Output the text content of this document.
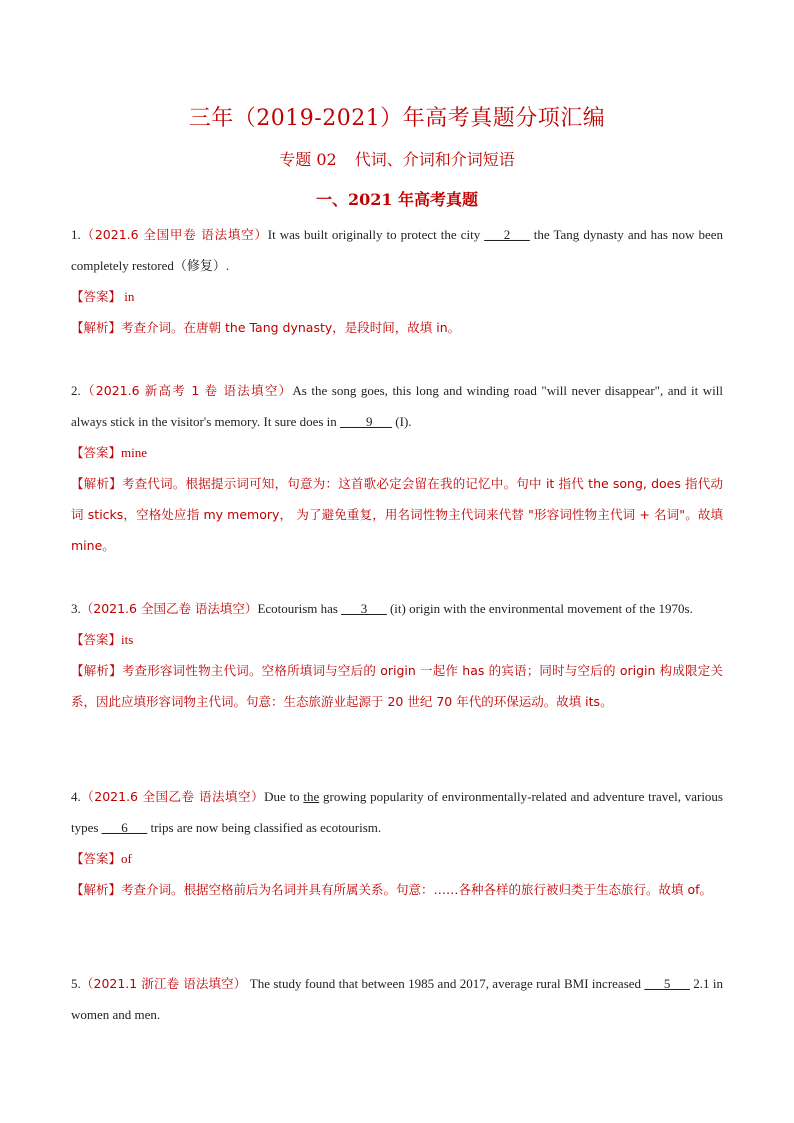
三年（2019-2021）年高考真题分项汇编
专题 02 代词、介词和介词短语
一、2021 年高考真题
1.（2021.6 全国甲卷 语法填空）It was built originally to protect the city ___2___ the Tang dynasty and has now been completely restored（修复）.
【答案】 in
【解析】考查介词。在唐朝 the Tang dynasty，是段时间，故填 in。
2.（2021.6 新高考 1 卷 语法填空）As the song goes, this long and winding road "will never disappear", and it will always stick in the visitor's memory. It sure does in ____9___ (I).
【答案】mine
【解析】考查代词。根据提示词可知，句意为：这首歌必定会留在我的记忆中。句中 it 指代 the song, does 指代动词 sticks，空格处应指 my memory， 为了避免重复，用名词性物主代词来代替 "形容词性物主代词 + 名词"。故填 mine。
3.（2021.6 全国乙卷 语法填空）Ecotourism has ___3___ (it) origin with the environmental movement of the 1970s.
【答案】its
【解析】考查形容词性物主代词。空格所填词与空后的 origin 一起作 has 的宾语；同时与空后的 origin 构成限定关系，因此应填形容词物主代词。句意：生态旅游业起源于 20 世纪 70 年代的环保运动。故填 its。
4.（2021.6 全国乙卷 语法填空）Due to the growing popularity of environmentally-related and adventure travel, various types ___6___ trips are now being classified as ecotourism.
【答案】of
【解析】考查介词。根据空格前后为名词并具有所属关系。句意：……各种各样的旅行被归类于生态旅行。故填 of。
5.（2021.1 浙江卷 语法填空） The study found that between 1985 and 2017, average rural BMI increased ___5___ 2.1 in women and men.
